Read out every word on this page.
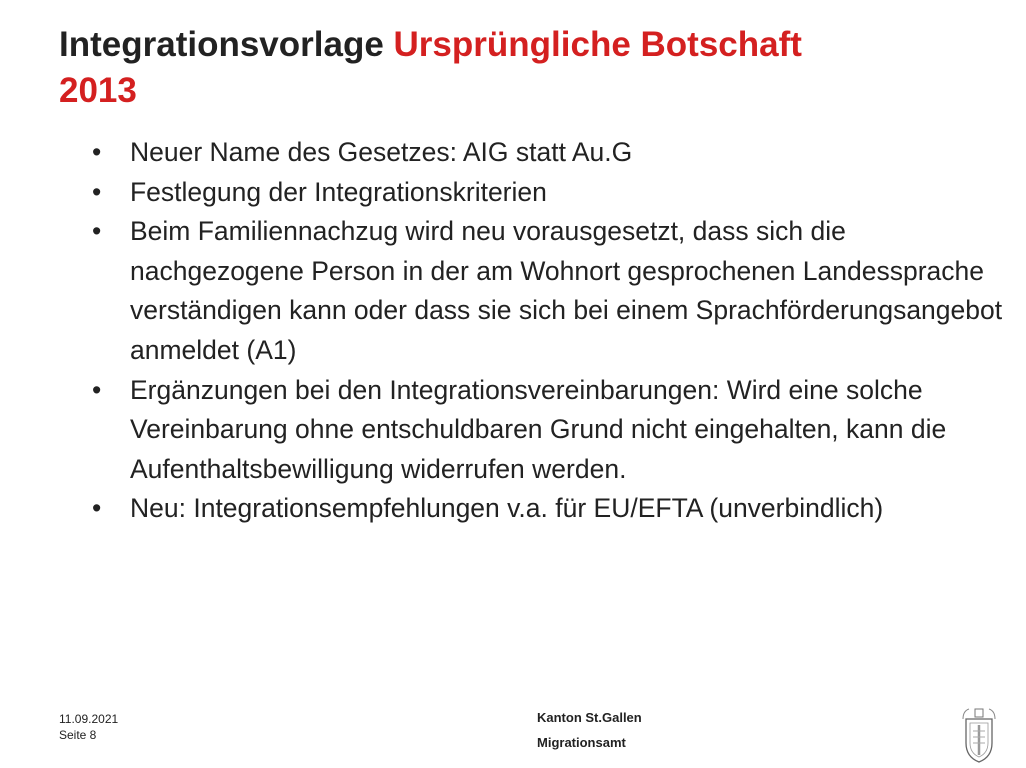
Integrationsvorlage Ursprüngliche Botschaft
2013
• Neuer Name des Gesetzes: AIG statt Au.G
• Festlegung der Integrationskriterien
• Beim Familiennachzug wird neu vorausgesetzt, dass sich die nachgezogene Person in der am Wohnort gesprochenen Landessprache verständigen kann oder dass sie sich bei einem Sprachförderungsangebot anmeldet (A1)
• Ergänzungen bei den Integrationsvereinbarungen: Wird eine solche Vereinbarung ohne entschuldbaren Grund nicht eingehalten, kann die Aufenthaltsbewilligung widerrufen werden.
• Neu: Integrationsempfehlungen v.a. für EU/EFTA (unverbindlich)
11.09.2021
Seite 8
Kanton St.Gallen
Migrationsamt
